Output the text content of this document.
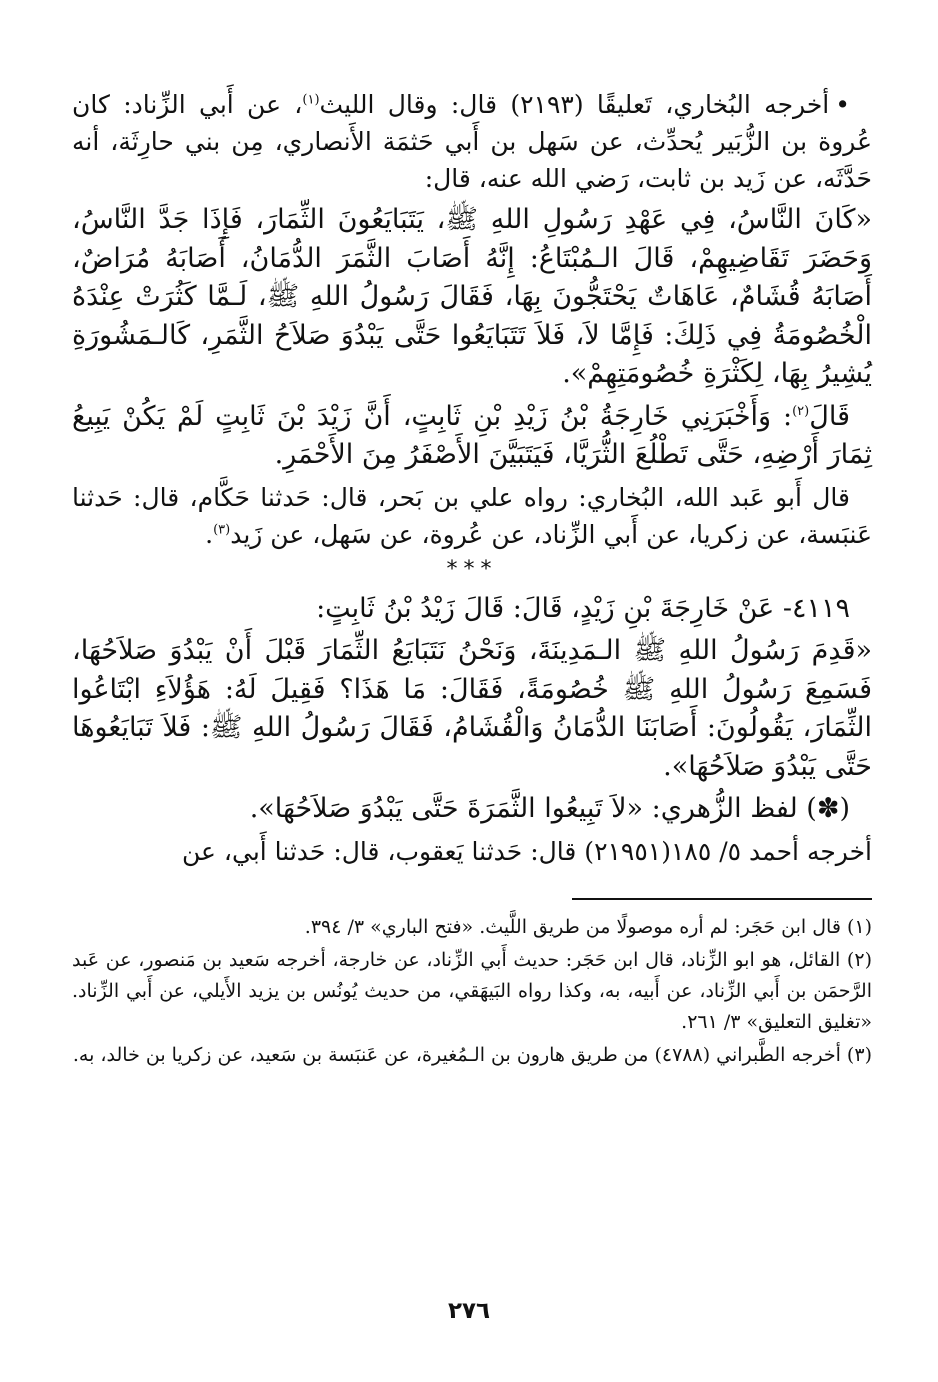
•أخرجه البُخاري، تَعليقًا (٢١٩٣) قال: وقال الليث$^{(١)}$، عن أَبي الزِّناد: كان عُروة بن الزُّبَير يُحدِّث، عن سَهل بن أَبي حَثمَة الأَنصاري، مِن بني حارِثَة، أنه حَدَّثَه، عن زَيد بن ثابت، رَضي الله عنه، قال:

«كَانَ النَّاسُ، فِي عَهْدِ رَسُولِ اللهِ ﷺ، يَتَبَايَعُونَ الثِّمَارَ، فَإِذَا جَدَّ النَّاسُ، وَحَضَرَ تَقَاضِيهِمْ، قَالَ الـمُبْتَاعُ: إِنَّهُ أَصَابَ الثَّمَرَ الدُّمَانُ، أَصَابَهُ مُرَاضٌ، أَصَابَهُ قُشَامٌ، عَاهَاتٌ يَحْتَجُّونَ بِهَا، فَقَالَ رَسُولُ اللهِ ﷺ، لَـمَّا كَثُرَتْ عِنْدَهُ الْخُصُومَةُ فِي ذَلِكَ: فَإِمَّا لاَ، فَلاَ تَتَبَايَعُوا حَتَّى يَبْدُوَ صَلاَحُ الثَّمَرِ، كَالـمَشُورَةِ يُشِيرُ بِهَا، لِكَثْرَةِ خُصُومَتِهِمْ».

قَالَ$^{(٢)}$: وَأَخْبَرَنِي خَارِجَةُ بْنُ زَيْدِ بْنِ ثَابِتٍ، أَنَّ زَيْدَ بْنَ ثَابِتٍ لَمْ يَكُنْ يَبِيعُ ثِمَارَ أَرْضِهِ، حَتَّى تَطْلُعَ الثُّرَيَّا، فَيَتَبَيَّنَ الأَصْفَرُ مِنَ الأَحْمَرِ.

قال أَبو عَبد الله، البُخاري: رواه علي بن بَحر، قال: حَدثنا حَكَّام، قال: حَدثنا عَنبَسة، عن زكريا، عن أَبي الزِّناد، عن عُروة، عن سَهل، عن زَيد$^{(٣)}$.

***

٤١١٩- عَنْ خَارِجَةَ بْنِ زَيْدٍ، قَالَ: قَالَ زَيْدُ بْنُ ثَابِتٍ:

«قَدِمَ رَسُولُ اللهِ ﷺ الـمَدِينَةَ، وَنَحْنُ نَتَبَايَعُ الثِّمَارَ قَبْلَ أَنْ يَبْدُوَ صَلاَحُهَا، فَسَمِعَ رَسُولُ اللهِ ﷺ خُصُومَةً، فَقَالَ: مَا هَذَا؟ فَقِيلَ لَهُ: هَؤُلاَءِ ابْتَاعُوا الثِّمَارَ، يَقُولُونَ: أَصَابَنَا الدُّمَانُ وَالْقُشَامُ، فَقَالَ رَسُولُ اللهِ ﷺ: فَلاَ تَبَايَعُوهَا حَتَّى يَبْدُوَ صَلاَحُهَا».

(✽) لفظ الزُّهري: «لاَ تَبِيعُوا الثَّمَرَةَ حَتَّى يَبْدُوَ صَلاَحُهَا».

أخرجه أحمد ٥/ ١٨٥(٢١٩٥١) قال: حَدثنا يَعقوب، قال: حَدثنا أَبي، عن

(١) قال ابن حَجَر: لم أره موصولًا من طريق اللَّيث. «فتح الباري» ٣/ ٣٩٤.

(٢) القائل، هو ابو الزِّناد، قال ابن حَجَر: حديث أَبي الزِّناد، عن خارجة، أخرجه سَعيد بن مَنصور، عن عَبد الرَّحمَن بن أَبي الزِّناد، عن أَبيه، به، وكذا رواه البَيهَقي، من حديث يُونُس بن يزيد الأَيلي، عن أَبي الزِّناد. «تغليق التعليق» ٣/ ٢٦١.

(٣) أخرجه الطَّبراني (٤٧٨٨) من طريق هارون بن الـمُغيرة، عن عَنبَسة بن سَعيد، عن زكريا بن خالد، به.

٢٧٦
